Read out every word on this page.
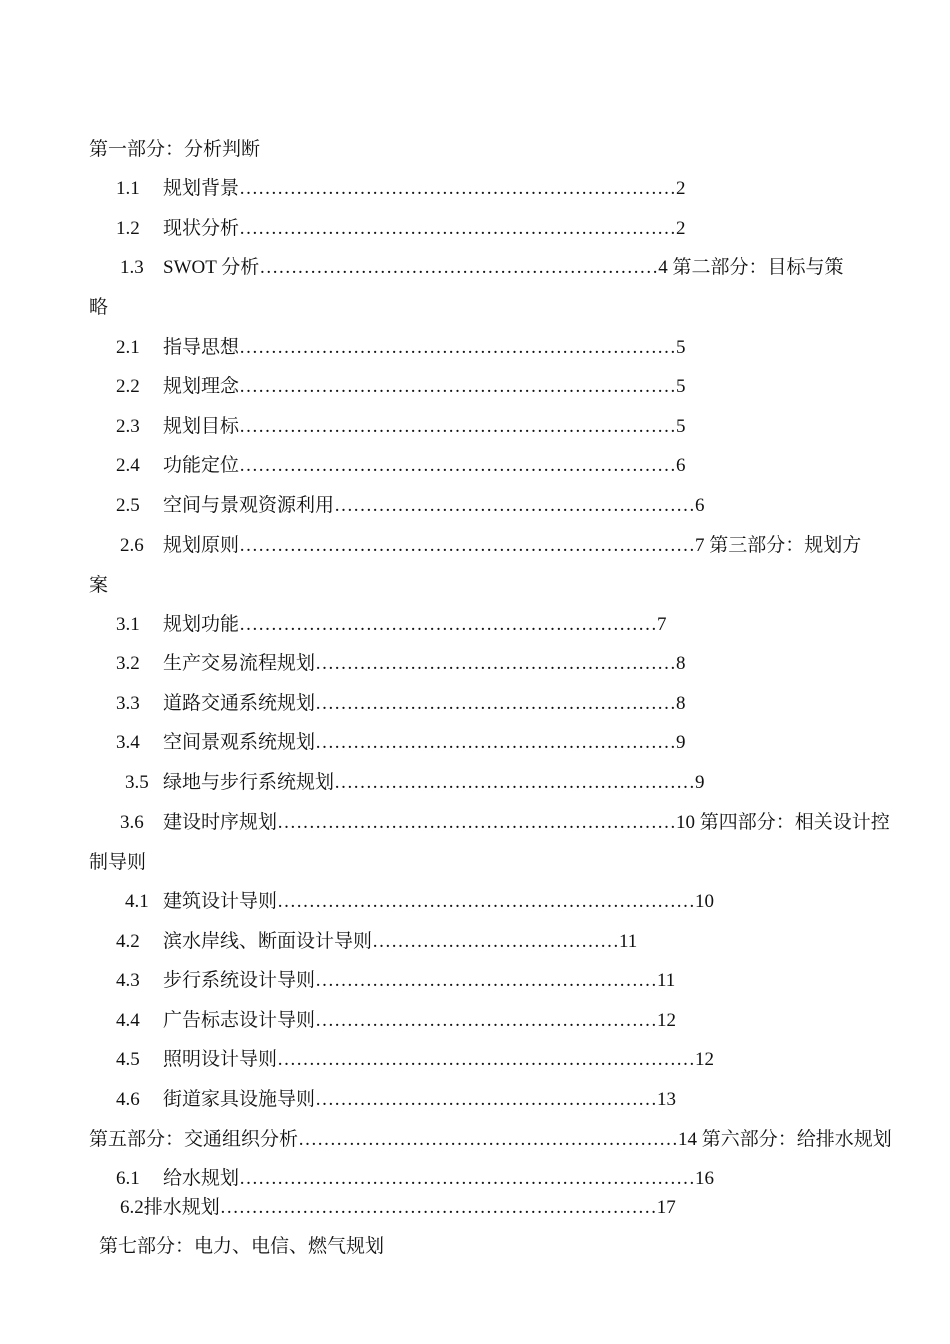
第一部分：分析判断
1.1 规划背景……………………………………………………………2
1.2 现状分析……………………………………………………………2
1.3 SWOT 分析………………………………………………………4 第二部分：目标与策
略
2.1 指导思想……………………………………………………………5
2.2 规划理念……………………………………………………………5
2.3 规划目标……………………………………………………………5
2.4 功能定位……………………………………………………………6
2.5 空间与景观资源利用…………………………………………………6
2.6 规划原则………………………………………………………………7 第三部分：规划方
案
3.1 规划功能…………………………………………………………7
3.2 生产交易流程规划…………………………………………………8
3.3 道路交通系统规划…………………………………………………8
3.4 空间景观系统规划…………………………………………………9
3.5 绿地与步行系统规划…………………………………………………9
3.6 建设时序规划………………………………………………………10 第四部分：相关设计控
制导则
4.1 建筑设计导则…………………………………………………………10
4.2 滨水岸线、断面设计导则…………………………………11
4.3 步行系统设计导则………………………………………………11
4.4 广告标志设计导则………………………………………………12
4.5 照明设计导则…………………………………………………………12
4.6 街道家具设施导则………………………………………………13
第五部分：交通组织分析……………………………………………………14 第六部分：给排水规划
6.1 给水规划………………………………………………………………16
6.2排水规划……………………………………………………………17
第七部分：电力、电信、燃气规划
